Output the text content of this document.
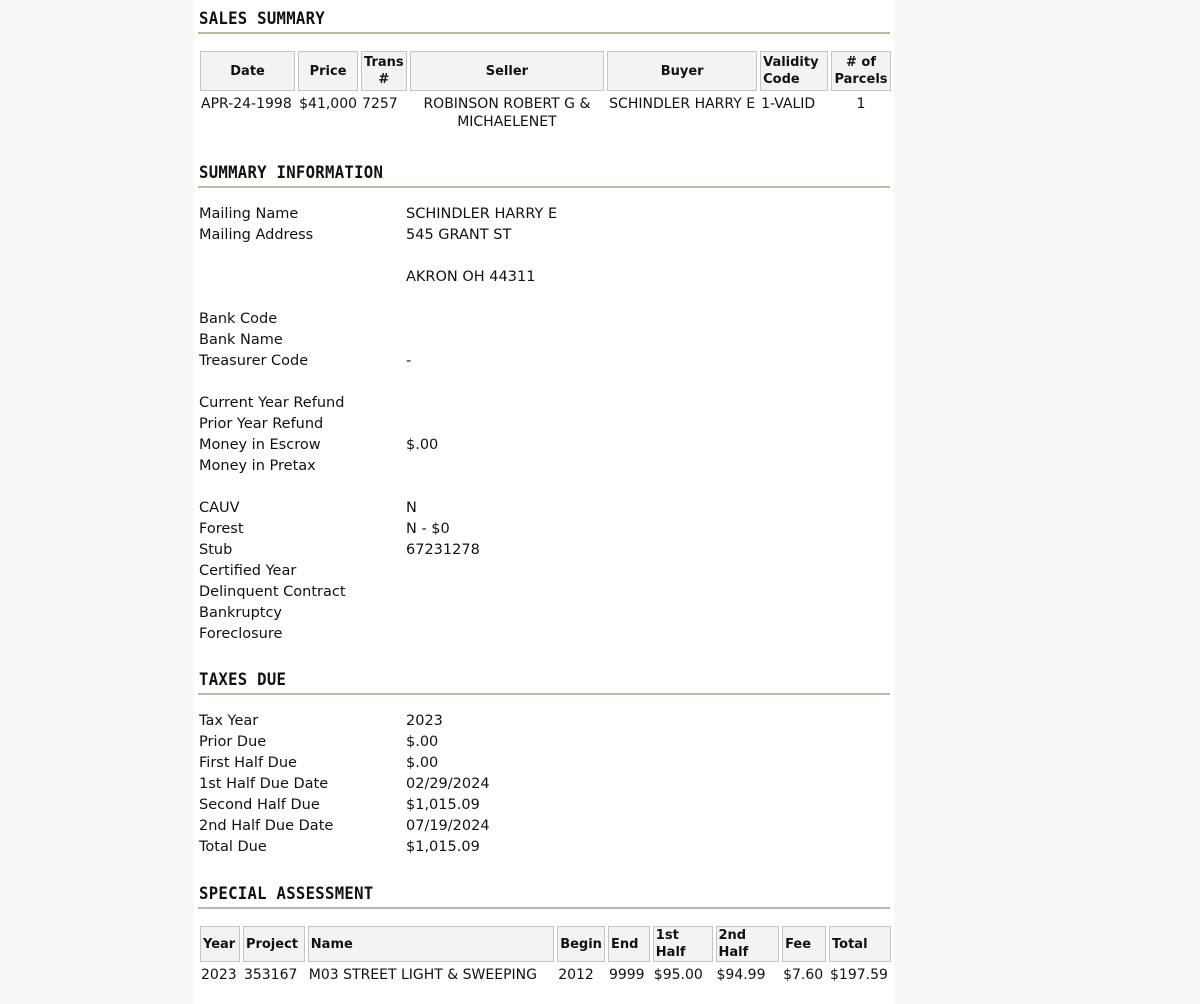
SALES SUMMARY
Date	Price	Trans #	Seller	Buyer	Validity Code	# of Parcels
APR-24-1998	$41,000	7257	ROBINSON ROBERT G & MICHAELENET	SCHINDLER HARRY E	1-VALID	1
SUMMARY INFORMATION
Mailing Name	SCHINDLER HARRY E
Mailing Address	545 GRANT ST
AKRON OH 44311
Bank Code
Bank Name
Treasurer Code	-
Current Year Refund
Prior Year Refund
Money in Escrow	$.00
Money in Pretax
CAUV	N
Forest	N - $0
Stub	67231278
Certified Year
Delinquent Contract
Bankruptcy
Foreclosure
TAXES DUE
Tax Year	2023
Prior Due	$.00
First Half Due	$.00
1st Half Due Date	02/29/2024
Second Half Due	$1,015.09
2nd Half Due Date	07/19/2024
Total Due	$1,015.09
SPECIAL ASSESSMENT
Year	Project	Name	Begin	End	1st Half	2nd Half	Fee	Total
2023	353167	M03 STREET LIGHT & SWEEPING	2012	9999	$95.00	$94.99	$7.60	$197.59
